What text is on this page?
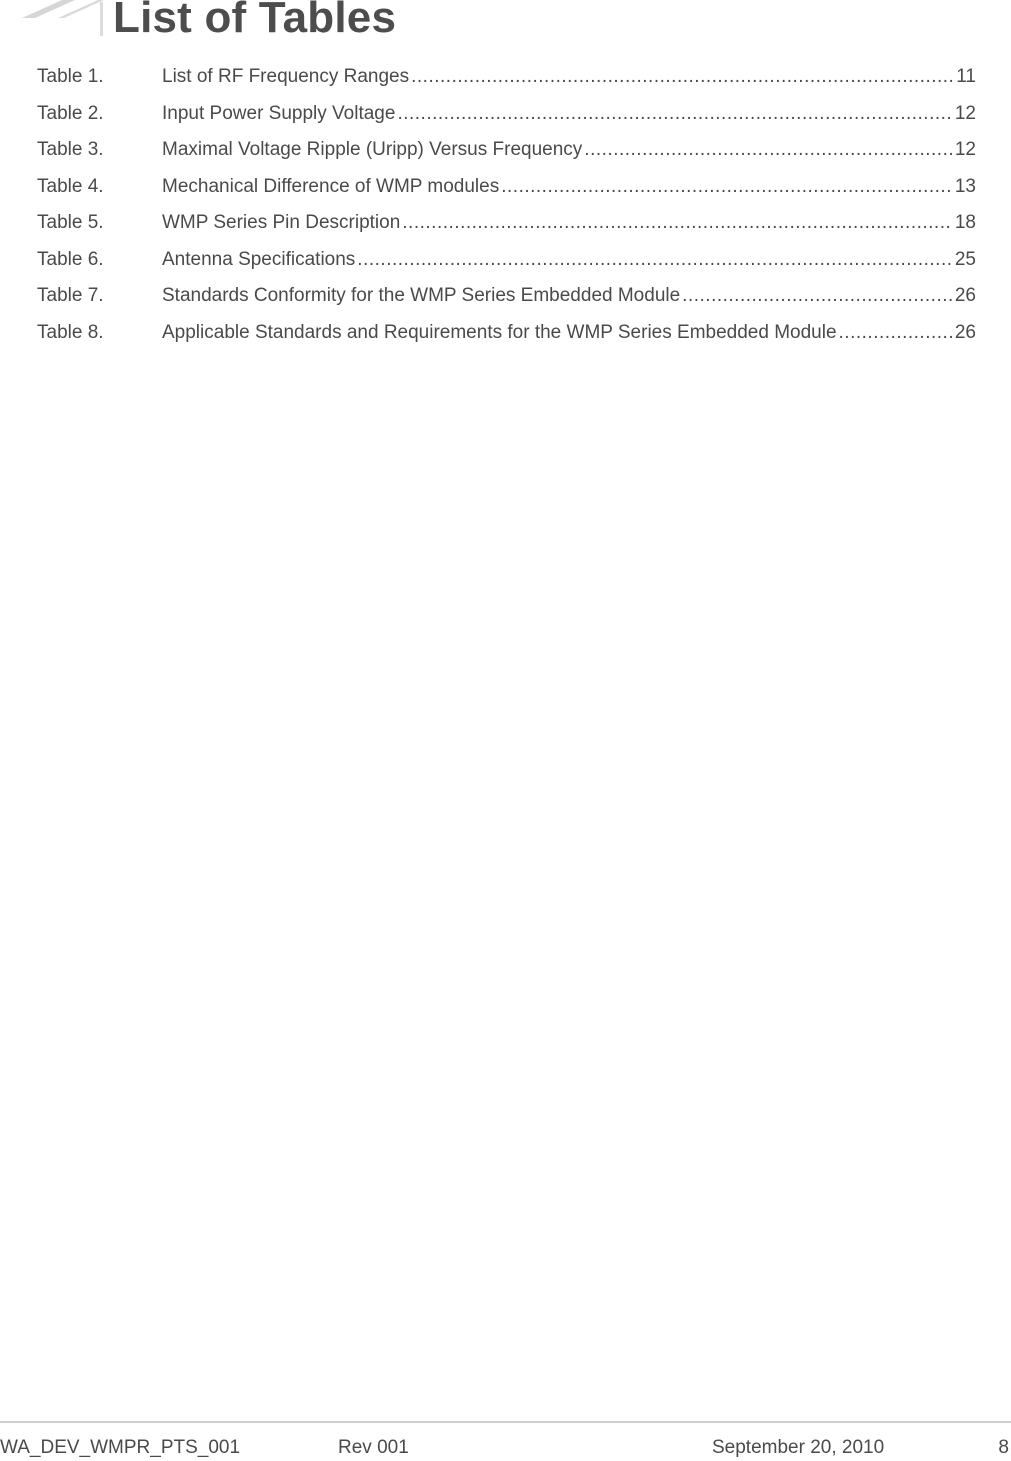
List of Tables
Table 1.	List of RF Frequency Ranges .....	11
Table 2.	Input Power Supply Voltage .....	12
Table 3.	Maximal Voltage Ripple (Uripp) Versus Frequency .....	12
Table 4.	Mechanical Difference of WMP modules .....	13
Table 5.	WMP Series Pin Description .....	18
Table 6.	Antenna Specifications .....	25
Table 7.	Standards Conformity for the WMP Series Embedded Module .....	26
Table 8.	Applicable Standards and Requirements for the WMP Series Embedded Module .....	26
WA_DEV_WMPR_PTS_001	Rev 001	September 20, 2010	8
